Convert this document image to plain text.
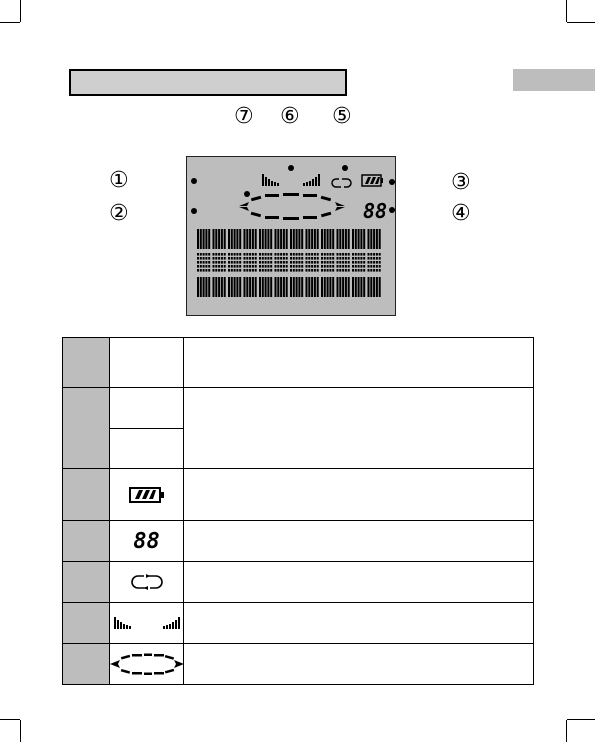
⑦ ⑥ ⑤
①
②
③
④
88

	88	
